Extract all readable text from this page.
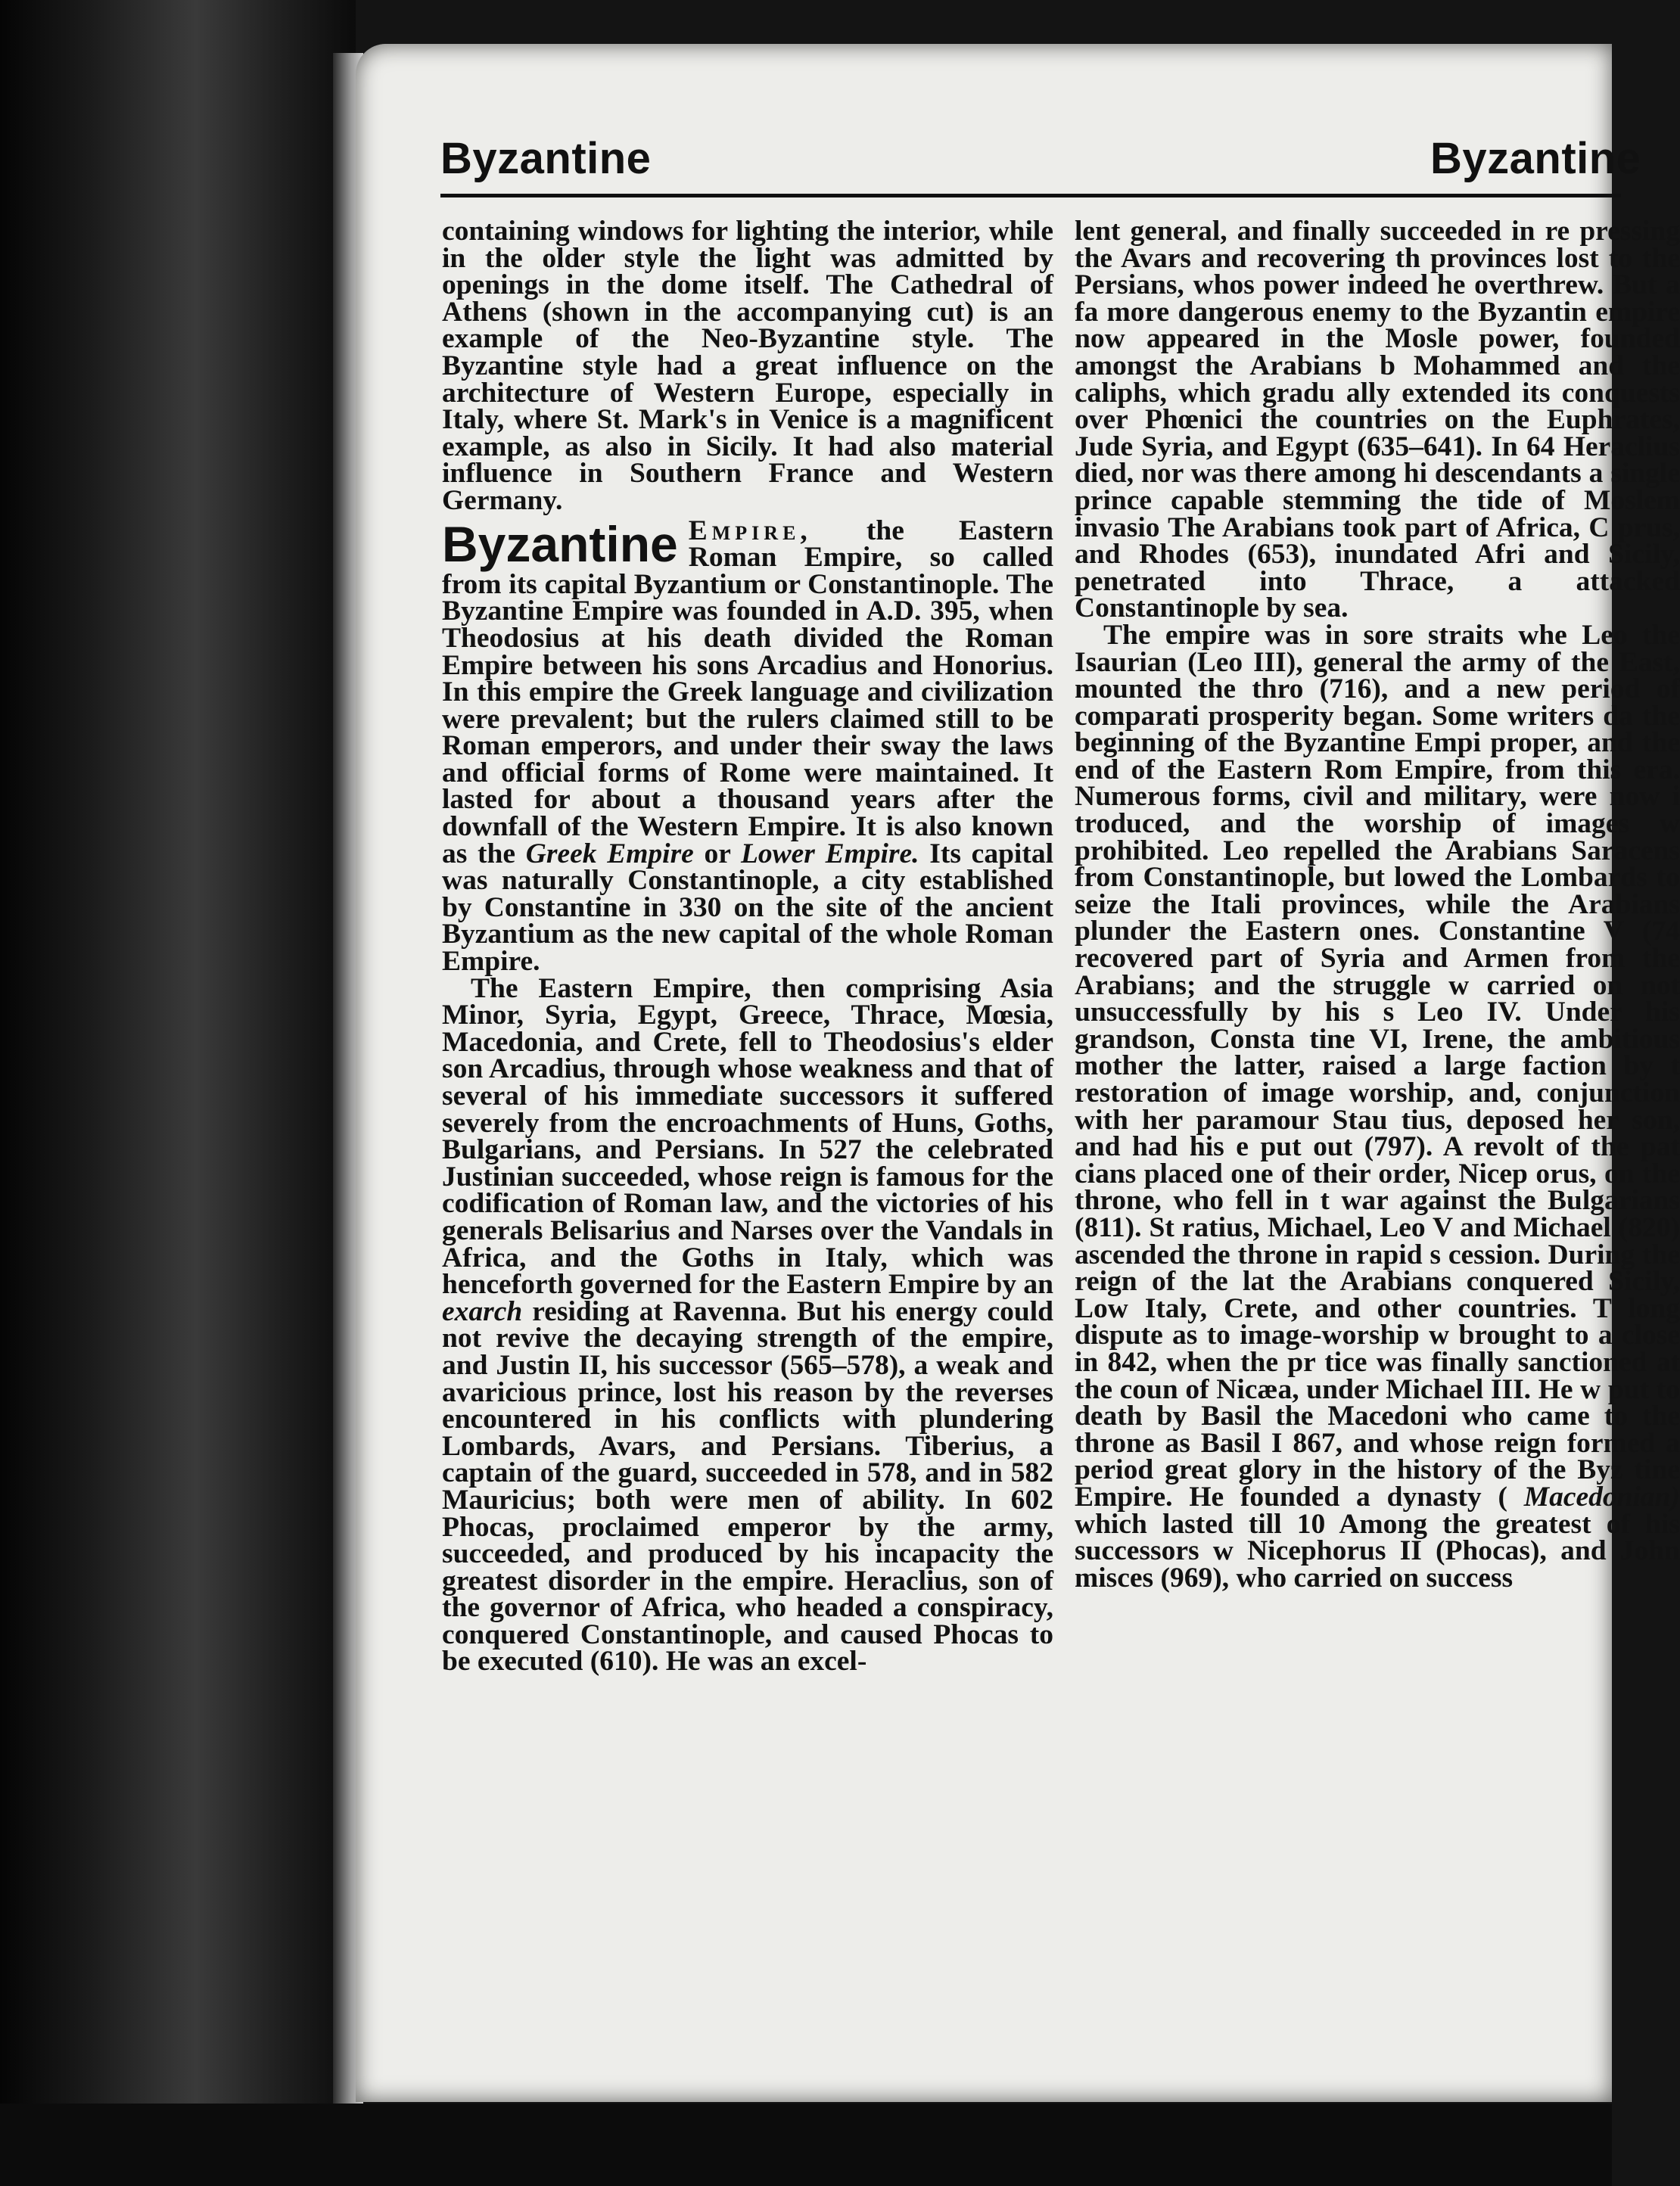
Byzantine	Byzantine

containing windows for lighting the interior, while in the older style the light was admitted by openings in the dome itself. The Cathedral of Athens (shown in the accompanying cut) is an example of the Neo-Byzantine style. The Byzantine style had a great influence on the architecture of Western Europe, especially in Italy, where St. Mark's in Venice is a magnificent example, as also in Sicily. It had also material influence in Southern France and Western Germany.

Byzantine Empire, the Eastern Roman Empire, so called from its capital Byzantium or Constantinople. The Byzantine Empire was founded in A.D. 395, when Theodosius at his death divided the Roman Empire between his sons Arcadius and Honorius. In this empire the Greek language and civilization were prevalent; but the rulers claimed still to be Roman emperors, and under their sway the laws and official forms of Rome were maintained. It lasted for about a thousand years after the downfall of the Western Empire. It is also known as the Greek Empire or Lower Empire. Its capital was naturally Constantinople, a city established by Constantine in 330 on the site of the ancient Byzantium as the new capital of the whole Roman Empire.

The Eastern Empire, then comprising Asia Minor, Syria, Egypt, Greece, Thrace, Mœsia, Macedonia, and Crete, fell to Theodosius's elder son Arcadius, through whose weakness and that of several of his immediate successors it suffered severely from the encroachments of Huns, Goths, Bulgarians, and Persians. In 527 the celebrated Justinian succeeded, whose reign is famous for the codification of Roman law, and the victories of his generals Belisarius and Narses over the Vandals in Africa, and the Goths in Italy, which was henceforth governed for the Eastern Empire by an exarch residing at Ravenna. But his energy could not revive the decaying strength of the empire, and Justin II, his successor (565–578), a weak and avaricious prince, lost his reason by the reverses encountered in his conflicts with plundering Lombards, Avars, and Persians. Tiberius, a captain of the guard, succeeded in 578, and in 582 Mauricius; both were men of ability. In 602 Phocas, proclaimed emperor by the army, succeeded, and produced by his incapacity the greatest disorder in the empire. Heraclius, son of the governor of Africa, who headed a conspiracy, conquered Constantinople, and caused Phocas to be executed (610). He was an excel-

lent general, and finally succeeded in re pressing the Avars and recovering th provinces lost to the Persians, whos power indeed he overthrew. But a fa more dangerous enemy to the Byzantin empire now appeared in the Mosle power, founded amongst the Arabians b Mohammed and the caliphs, which gradu ally extended its conquests over Phœnici the countries on the Euphrates, Jude Syria, and Egypt (635–641). In 64 Heraclius died, nor was there among hi descendants a single prince capable stemming the tide of Moslem invasio The Arabians took part of Africa, C prus, and Rhodes (653), inundated Afri and Sicily, penetrated into Thrace, a attacked Constantinople by sea.

The empire was in sore straits whe Leo the Isaurian (Leo III), general the army of the East, mounted the thro (716), and a new period of comparati prosperity began. Some writers da the beginning of the Byzantine Empi proper, and the end of the Eastern Rom Empire, from this era. Numerous forms, civil and military, were now i troduced, and the worship of images w prohibited. Leo repelled the Arabians Saracens from Constantinople, but lowed the Lombards to seize the Itali provinces, while the Arabians plunder the Eastern ones. Constantine V (74 recovered part of Syria and Armen from the Arabians; and the struggle w carried on not unsuccessfully by his s Leo IV. Under his grandson, Consta tine VI, Irene, the ambitious mother the latter, raised a large faction by t restoration of image worship, and, conjunction with her paramour Stau tius, deposed her son, and had his e put out (797). A revolt of the pat cians placed one of their order, Nicep orus, on the throne, who fell in t war against the Bulgarians (811). St ratius, Michael, Leo V and Michael (820) ascended the throne in rapid s cession. During the reign of the lat the Arabians conquered Sicily, Low Italy, Crete, and other countries. T long dispute as to image-worship w brought to a close in 842, when the pr tice was finally sanctioned at the coun of Nicæa, under Michael III. He w put to death by Basil the Macedoni who came to the throne as Basil I 867, and whose reign formed a period great glory in the history of the Byz tine Empire. He founded a dynasty ( Macedonian) which lasted till 10 Among the greatest of his successors w Nicephorus II (Phocas), and John misces (969), who carried on success
